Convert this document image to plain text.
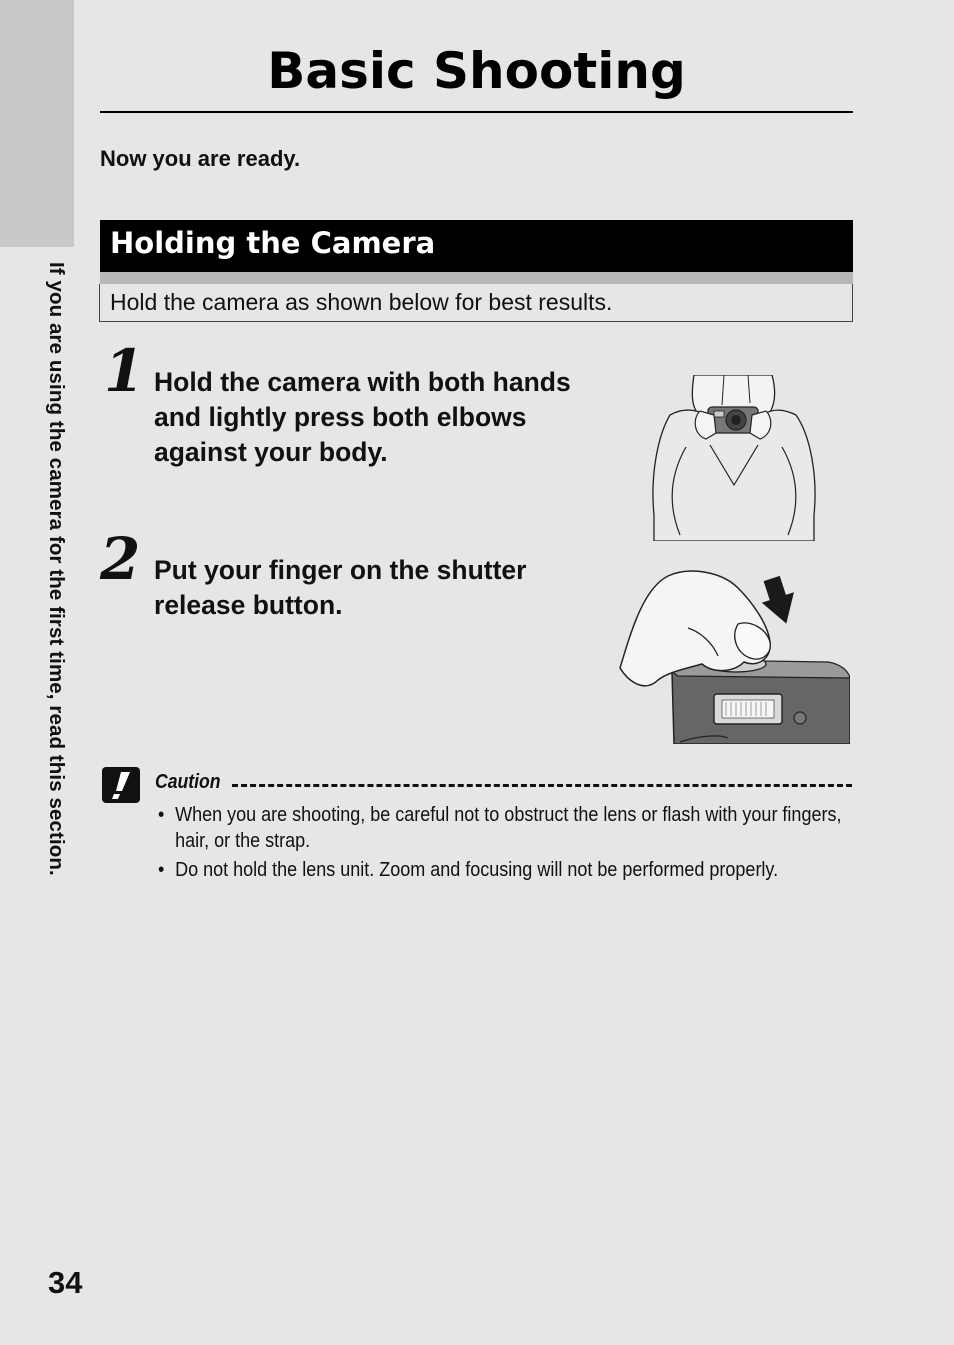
If you are using the camera for the first time, read this section.
Basic Shooting

Now you are ready.

Holding the Camera
Hold the camera as shown below for best results.
1 Hold the camera with both hands
and lightly press both elbows
against your body.

2 Put your finger on the shutter
release button.

Caution
• When you are shooting, be careful not to obstruct the lens or flash with your fingers, hair, or the strap.
• Do not hold the lens unit. Zoom and focusing will not be performed properly.
34
